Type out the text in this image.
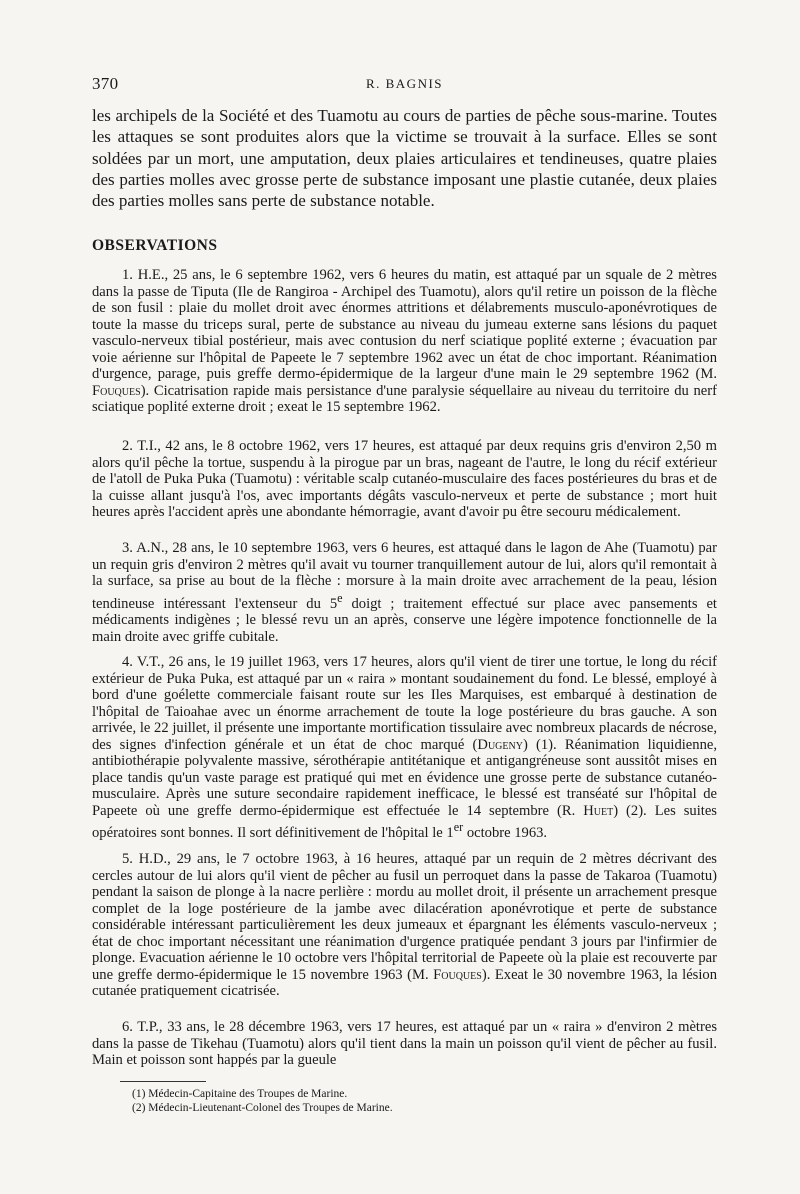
370	R. BAGNIS

les archipels de la Société et des Tuamotu au cours de parties de pêche sous-marine. Toutes les attaques se sont produites alors que la victime se trouvait à la surface. Elles se sont soldées par un mort, une amputation, deux plaies articulaires et tendineuses, quatre plaies des parties molles avec grosse perte de substance imposant une plastie cutanée, deux plaies des parties molles sans perte de substance notable.

OBSERVATIONS

1. H.E., 25 ans, le 6 septembre 1962, vers 6 heures du matin, est attaqué par un squale de 2 mètres dans la passe de Tiputa (Ile de Rangiroa - Archipel des Tuamotu), alors qu'il retire un poisson de la flèche de son fusil : plaie du mollet droit avec énormes attritions et délabrements musculo-aponévrotiques de toute la masse du triceps sural, perte de substance au niveau du jumeau externe sans lésions du paquet vasculo-nerveux tibial postérieur, mais avec contusion du nerf sciatique poplité externe ; évacuation par voie aérienne sur l'hôpital de Papeete le 7 septembre 1962 avec un état de choc important. Réanimation d'urgence, parage, puis greffe dermo-épidermique de la largeur d'une main le 29 septembre 1962 (M. Fouques). Cicatrisation rapide mais persistance d'une paralysie séquellaire au niveau du territoire du nerf sciatique poplité externe droit ; exeat le 15 septembre 1962.

2. T.I., 42 ans, le 8 octobre 1962, vers 17 heures, est attaqué par deux requins gris d'environ 2,50 m alors qu'il pêche la tortue, suspendu à la pirogue par un bras, nageant de l'autre, le long du récif extérieur de l'atoll de Puka Puka (Tuamotu) : véritable scalp cutanéo-musculaire des faces postérieures du bras et de la cuisse allant jusqu'à l'os, avec importants dégâts vasculo-nerveux et perte de substance ; mort huit heures après l'accident après une abondante hémorragie, avant d'avoir pu être secouru médicalement.

3. A.N., 28 ans, le 10 septembre 1963, vers 6 heures, est attaqué dans le lagon de Ahe (Tuamotu) par un requin gris d'environ 2 mètres qu'il avait vu tourner tranquillement autour de lui, alors qu'il remontait à la surface, sa prise au bout de la flèche : morsure à la main droite avec arrachement de la peau, lésion tendineuse intéressant l'extenseur du 5e doigt ; traitement effectué sur place avec pansements et médicaments indigènes ; le blessé revu un an après, conserve une légère impotence fonctionnelle de la main droite avec griffe cubitale.

4. V.T., 26 ans, le 19 juillet 1963, vers 17 heures, alors qu'il vient de tirer une tortue, le long du récif extérieur de Puka Puka, est attaqué par un « raira » montant soudainement du fond. Le blessé, employé à bord d'une goélette commerciale faisant route sur les Iles Marquises, est embarqué à destination de l'hôpital de Taioahae avec un énorme arrachement de toute la loge postérieure du bras gauche. A son arrivée, le 22 juillet, il présente une importante mortification tissulaire avec nombreux placards de nécrose, des signes d'infection générale et un état de choc marqué (Dugeny) (1). Réanimation liquidienne, antibiothérapie polyvalente massive, sérothérapie antitétanique et antigangréneuse sont aussitôt mises en place tandis qu'un vaste parage est pratiqué qui met en évidence une grosse perte de substance cutanéo-musculaire. Après une suture secondaire rapidement inefficace, le blessé est transéaté sur l'hôpital de Papeete où une greffe dermo-épidermique est effectuée le 14 septembre (R. Huet) (2). Les suites opératoires sont bonnes. Il sort définitivement de l'hôpital le 1er octobre 1963.

5. H.D., 29 ans, le 7 octobre 1963, à 16 heures, attaqué par un requin de 2 mètres décrivant des cercles autour de lui alors qu'il vient de pêcher au fusil un perroquet dans la passe de Takaroa (Tuamotu) pendant la saison de plonge à la nacre perlière : mordu au mollet droit, il présente un arrachement presque complet de la loge postérieure de la jambe avec dilacération aponévrotique et perte de substance considérable intéressant particulièrement les deux jumeaux et épargnant les éléments vasculo-nerveux ; état de choc important nécessitant une réanimation d'urgence pratiquée pendant 3 jours par l'infirmier de plonge. Evacuation aérienne le 10 octobre vers l'hôpital territorial de Papeete où la plaie est recouverte par une greffe dermo-épidermique le 15 novembre 1963 (M. Fouques). Exeat le 30 novembre 1963, la lésion cutanée pratiquement cicatrisée.

6. T.P., 33 ans, le 28 décembre 1963, vers 17 heures, est attaqué par un « raira » d'environ 2 mètres dans la passe de Tikehau (Tuamotu) alors qu'il tient dans la main un poisson qu'il vient de pêcher au fusil. Main et poisson sont happés par la gueule

(1) Médecin-Capitaine des Troupes de Marine.
(2) Médecin-Lieutenant-Colonel des Troupes de Marine.
